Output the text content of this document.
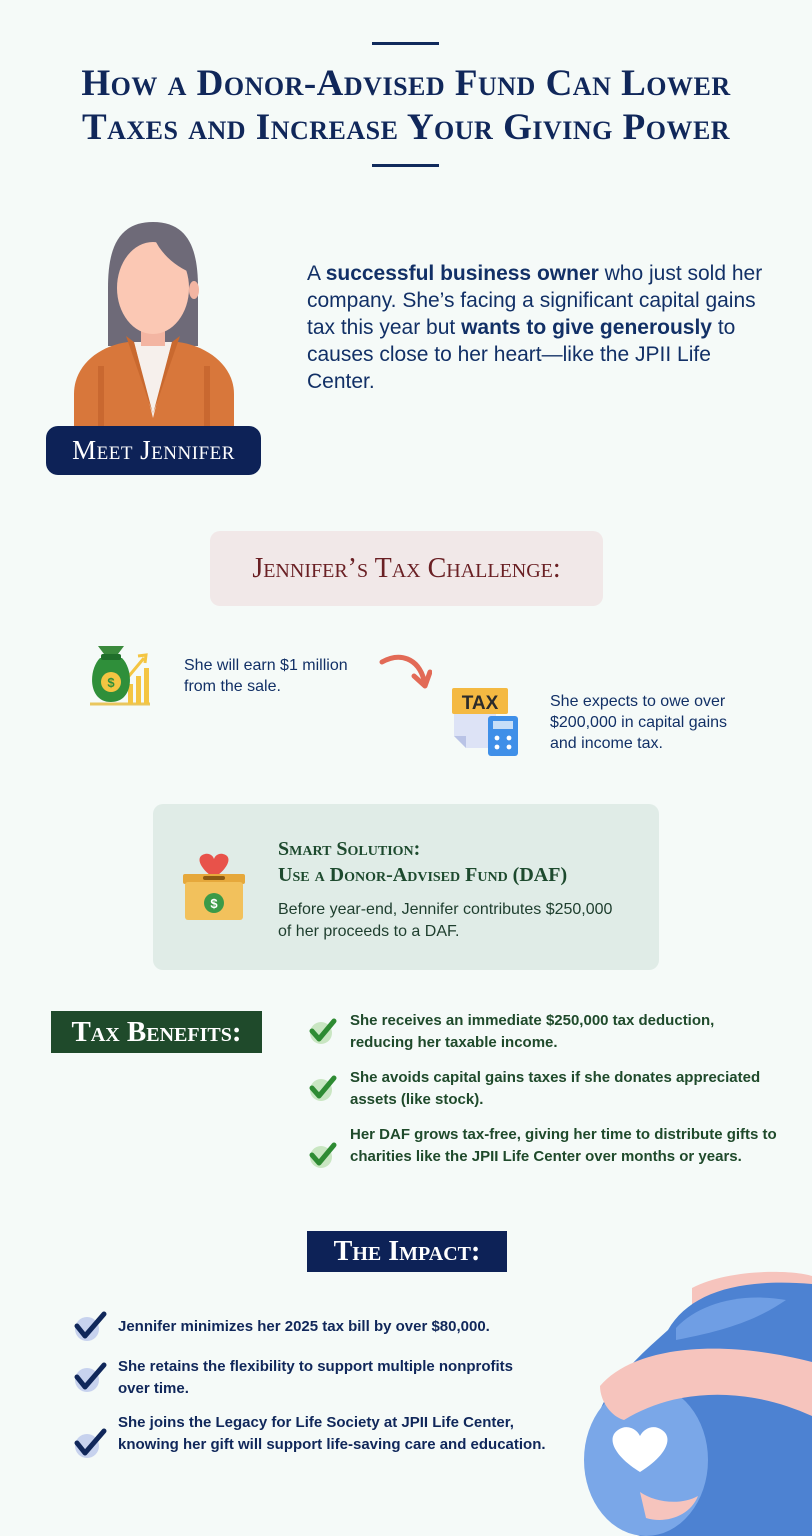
How a Donor-Advised Fund Can Lower
Taxes and Increase Your Giving Power
Meet Jennifer
A successful business owner who just sold her company. She’s facing a significant capital gains tax this year but wants to give generously to causes close to her heart—like the JPII Life Center.
Jennifer’s Tax Challenge:
$
She will earn $1 million from the sale.
TAX	She expects to owe over $200,000 in capital gains and income tax.
$
Smart Solution:
Use a Donor-Advised Fund (DAF)
Before year-end, Jennifer contributes $250,000 of her proceeds to a DAF.
Tax Benefits:	She receives an immediate $250,000 tax deduction, reducing her taxable income.
She avoids capital gains taxes if she donates appreciated assets (like stock).
Her DAF grows tax-free, giving her time to distribute gifts to charities like the JPII Life Center over months or years.
The Impact:
Jennifer minimizes her 2025 tax bill by over $80,000.
She retains the flexibility to support multiple nonprofits over time.
She joins the Legacy for Life Society at JPII Life Center, knowing her gift will support life-saving care and education.
